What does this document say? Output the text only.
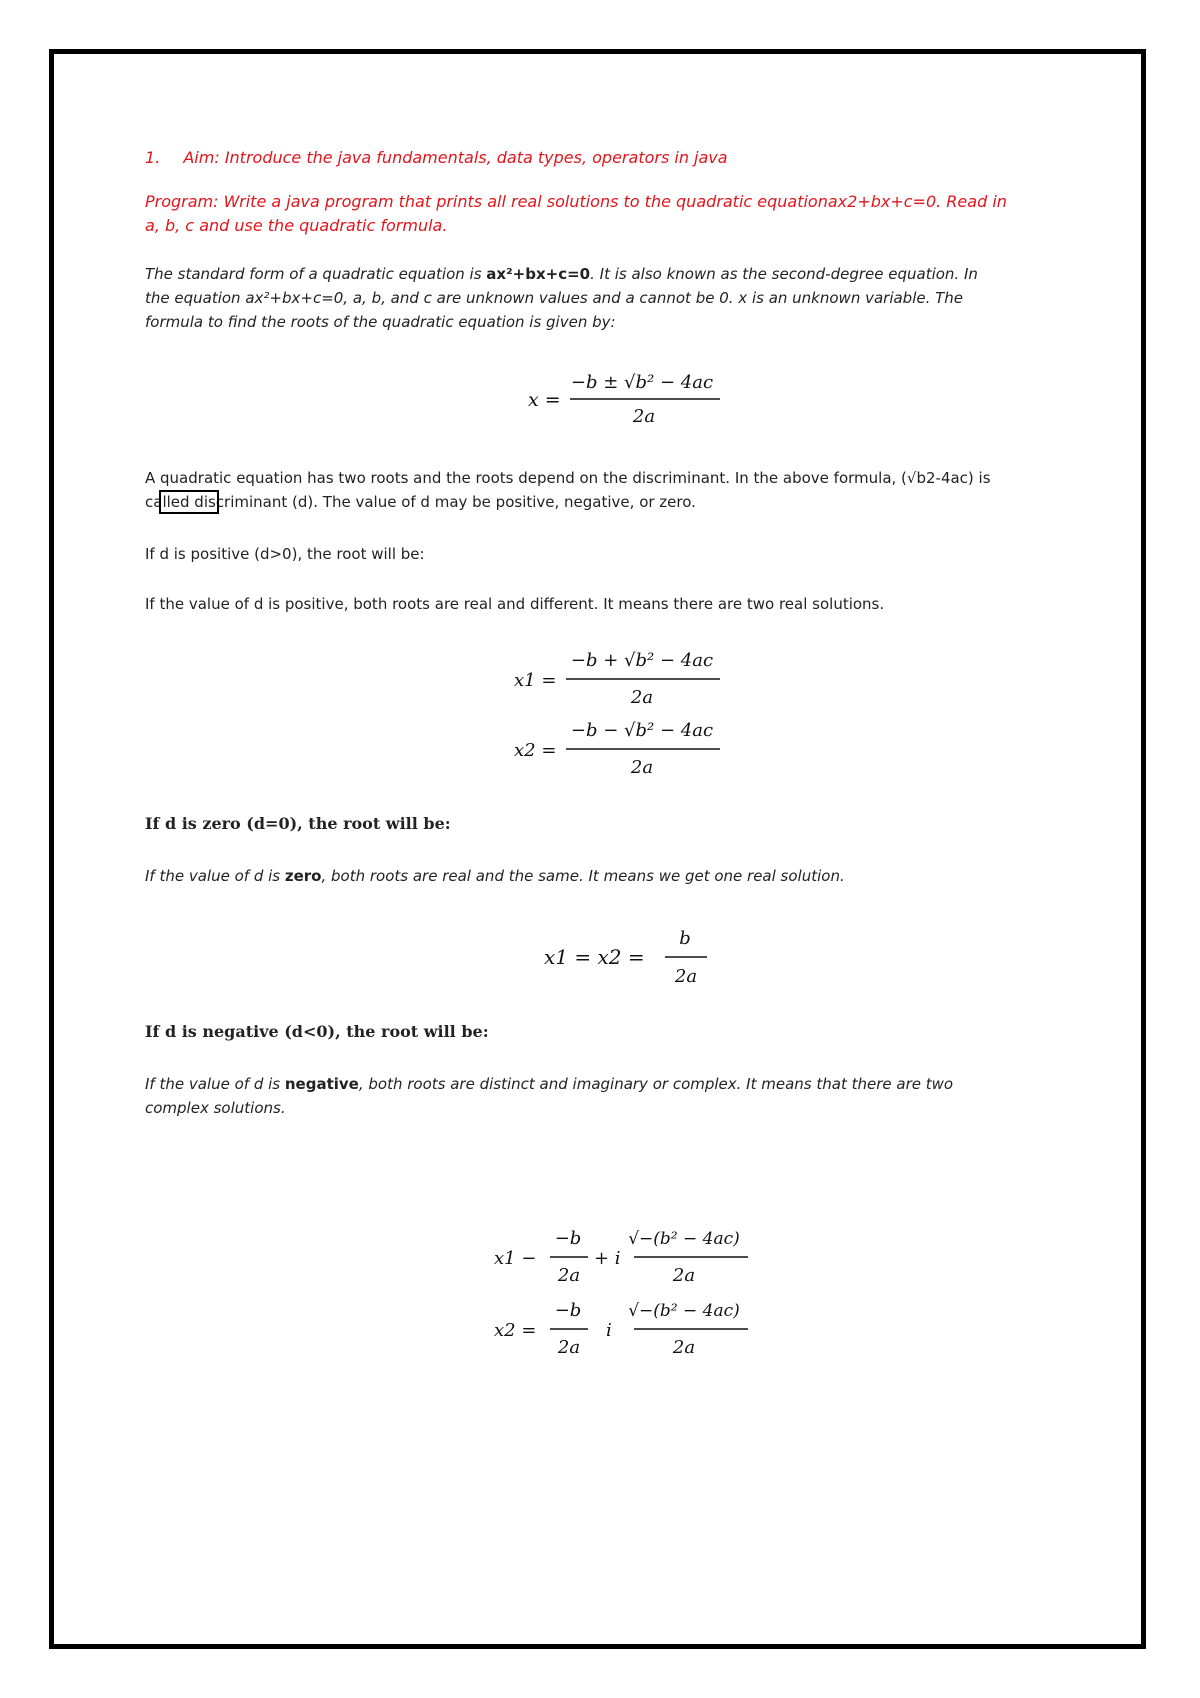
1. Aim: Introduce the java fundamentals, data types, operators in java

Program: Write a java program that prints all real solutions to the quadratic equationax2+bx+c=0. Read in

a, b, c and use the quadratic formula.

The standard form of a quadratic equation is ax²+bx+c=0. It is also known as the second-degree equation. In

the equation ax²+bx+c=0, a, b, and c are unknown values and a cannot be 0. x is an unknown variable. The

formula to find the roots of the quadratic equation is given by:

x =
−b ± √b² − 4ac
2a

A quadratic equation has two roots and the roots depend on the discriminant. In the above formula, (√b2-4ac) is

called discriminant (d). The value of d may be positive, negative, or zero.

If d is positive (d>0), the root will be:
If the value of d is positive, both roots are real and different. It means there are two real solutions.
x1 =
−b + √b² − 4ac
2a
x2 =
−b − √b² − 4ac
2a
If d is zero (d=0), the root will be:
If the value of d is zero, both roots are real and the same. It means we get one real solution.
x1 = x2 =
b
2a
If d is negative (d<0), the root will be:

If the value of d is negative, both roots are distinct and imaginary or complex. It means that there are two

complex solutions.

x1 −
−b
2a
+ i
√−(b² − 4ac)
2a
x2 =
−b
2a
i
√−(b² − 4ac)
2a
